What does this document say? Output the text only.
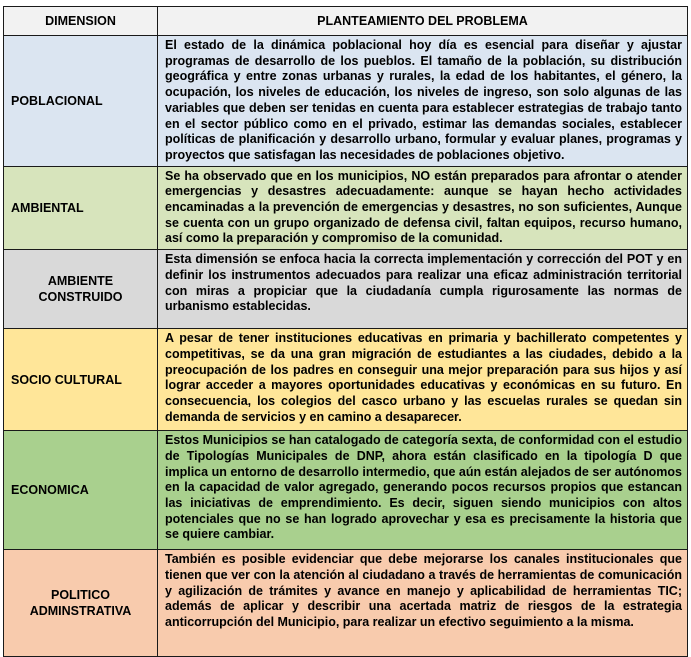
DIMENSION	PLANTEAMIENTO DEL PROBLEMA
POBLACIONAL	El estado de la dinámica poblacional hoy día es esencial para diseñar y ajustar programas de desarrollo de los pueblos. El tamaño de la población, su distribución geográfica y entre zonas urbanas y rurales, la edad de los habitantes, el género, la ocupación, los niveles de educación, los niveles de ingreso, son solo algunas de las variables que deben ser tenidas en cuenta para establecer estrategias de trabajo tanto en el sector público como en el privado, estimar las demandas sociales, establecer políticas de planificación y desarrollo urbano, formular y evaluar planes, programas y proyectos que satisfagan las necesidades de poblaciones objetivo.
AMBIENTAL	Se ha observado que en los municipios, NO están preparados para afrontar o atender emergencias y desastres adecuadamente: aunque se hayan hecho actividades encaminadas a la prevención de emergencias y desastres, no son suficientes, Aunque se cuenta con un grupo organizado de defensa civil, faltan equipos, recurso humano, así como la preparación y compromiso de la comunidad.
AMBIENTE CONSTRUIDO	Esta dimensión se enfoca hacia la correcta implementación y corrección del POT y en definir los instrumentos adecuados para realizar una eficaz administración territorial con miras a propiciar que la ciudadanía cumpla rigurosamente las normas de urbanismo establecidas.
SOCIO CULTURAL	A pesar de tener instituciones educativas en primaria y bachillerato competentes y competitivas, se da una gran migración de estudiantes a las ciudades, debido a la preocupación de los padres en conseguir una mejor preparación para sus hijos y así lograr acceder a mayores oportunidades educativas y económicas en su futuro. En consecuencia, los colegios del casco urbano y las escuelas rurales se quedan sin demanda de servicios y en camino a desaparecer.
ECONOMICA	Estos Municipios se han catalogado de categoría sexta, de conformidad con el estudio de Tipologías Municipales de DNP, ahora están clasificado en la tipología D que implica un entorno de desarrollo intermedio, que aún están alejados de ser autónomos en la capacidad de valor agregado, generando pocos recursos propios que estancan las iniciativas de emprendimiento. Es decir, siguen siendo municipios con altos potenciales que no se han logrado aprovechar y esa es precisamente la historia que se quiere cambiar.
POLITICO ADMINSTRATIVA	También es posible evidenciar que debe mejorarse los canales institucionales que tienen que ver con la atención al ciudadano a través de herramientas de comunicación y agilización de trámites y avance en manejo y aplicabilidad de herramientas TIC; además de aplicar y describir una acertada matriz de riesgos de la estrategia anticorrupción del Municipio, para realizar un efectivo seguimiento a la misma.
